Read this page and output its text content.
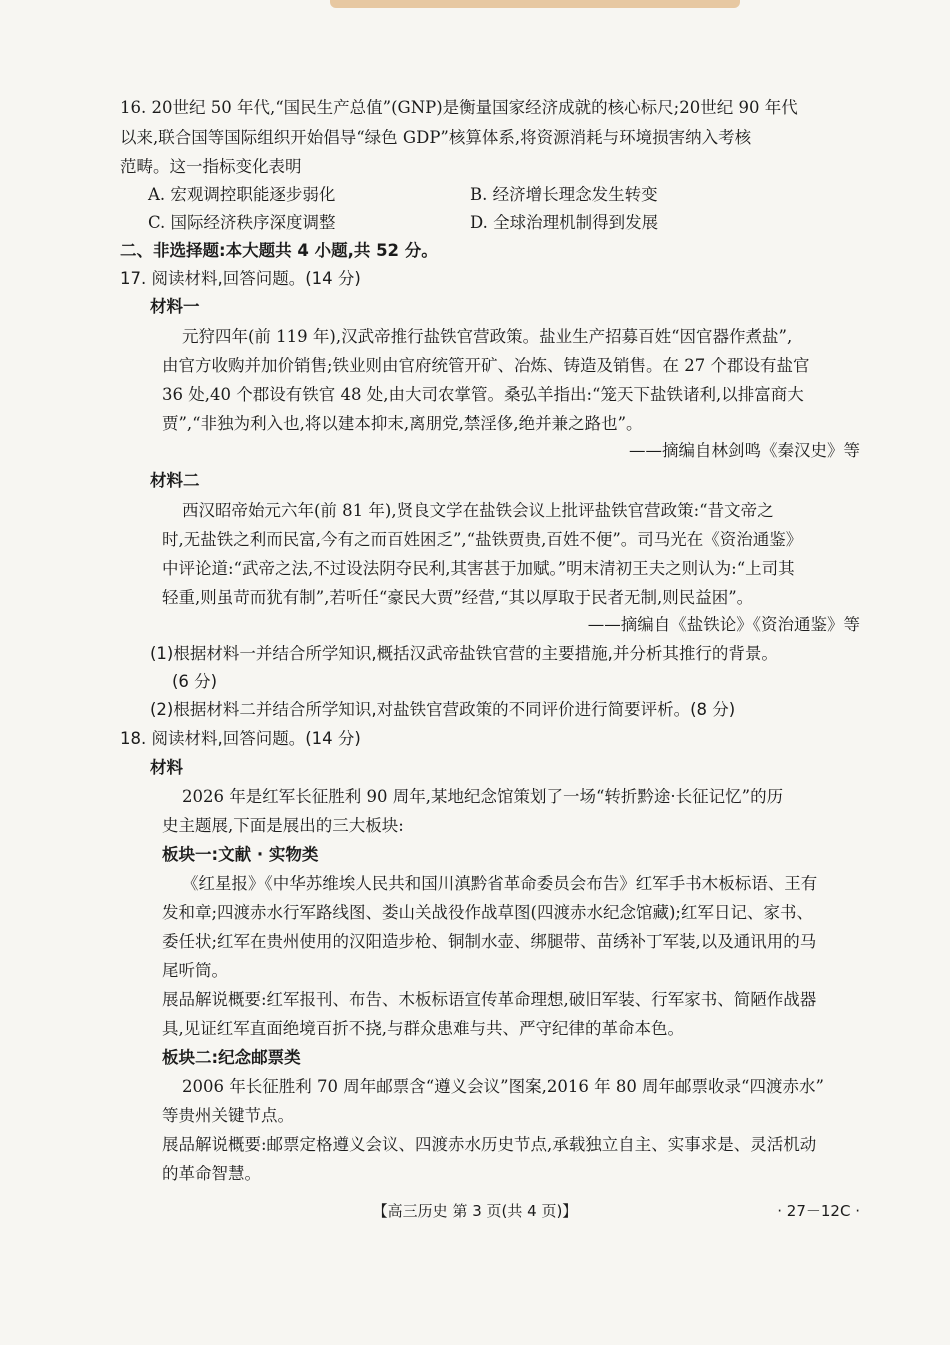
16. 20世纪 50 年代,“国民生产总值”(GNP)是衡量国家经济成就的核心标尺;20世纪 90 年代
以来,联合国等国际组织开始倡导“绿色 GDP”核算体系,将资源消耗与环境损害纳入考核
范畴。这一指标变化表明
A. 宏观调控职能逐步弱化	B. 经济增长理念发生转变
C. 国际经济秩序深度调整	D. 全球治理机制得到发展
二、非选择题:本大题共 4 小题,共 52 分。
17. 阅读材料,回答问题。(14 分)
材料一
元狩四年(前 119 年),汉武帝推行盐铁官营政策。盐业生产招募百姓“因官器作煮盐”,
由官方收购并加价销售;铁业则由官府统管开矿、冶炼、铸造及销售。在 27 个郡设有盐官
36 处,40 个郡设有铁官 48 处,由大司农掌管。桑弘羊指出:“笼天下盐铁诸利,以排富商大
贾”,“非独为利入也,将以建本抑末,离朋党,禁淫侈,绝并兼之路也”。
——摘编自林剑鸣《秦汉史》等
材料二
西汉昭帝始元六年(前 81 年),贤良文学在盐铁会议上批评盐铁官营政策:“昔文帝之
时,无盐铁之利而民富,今有之而百姓困乏”,“盐铁贾贵,百姓不便”。司马光在《资治通鉴》
中评论道:“武帝之法,不过设法阴夺民利,其害甚于加赋。”明末清初王夫之则认为:“上司其
轻重,则虽苛而犹有制”,若听任“豪民大贾”经营,“其以厚取于民者无制,则民益困”。
——摘编自《盐铁论》《资治通鉴》等
(1)根据材料一并结合所学知识,概括汉武帝盐铁官营的主要措施,并分析其推行的背景。
(6 分)
(2)根据材料二并结合所学知识,对盐铁官营政策的不同评价进行简要评析。(8 分)
18. 阅读材料,回答问题。(14 分)
材料
2026 年是红军长征胜利 90 周年,某地纪念馆策划了一场“转折黔途·长征记忆”的历
史主题展,下面是展出的三大板块:
板块一:文献 · 实物类
《红星报》《中华苏维埃人民共和国川滇黔省革命委员会布告》红军手书木板标语、王有
发和章;四渡赤水行军路线图、娄山关战役作战草图(四渡赤水纪念馆藏);红军日记、家书、
委任状;红军在贵州使用的汉阳造步枪、铜制水壶、绑腿带、苗绣补丁军装,以及通讯用的马
尾听筒。
展品解说概要:红军报刊、布告、木板标语宣传革命理想,破旧军装、行军家书、简陋作战器
具,见证红军直面绝境百折不挠,与群众患难与共、严守纪律的革命本色。
板块二:纪念邮票类
2006 年长征胜利 70 周年邮票含“遵义会议”图案,2016 年 80 周年邮票收录“四渡赤水”
等贵州关键节点。
展品解说概要:邮票定格遵义会议、四渡赤水历史节点,承载独立自主、实事求是、灵活机动
的革命智慧。
【高三历史 第 3 页(共 4 页)】	· 27－12C ·
